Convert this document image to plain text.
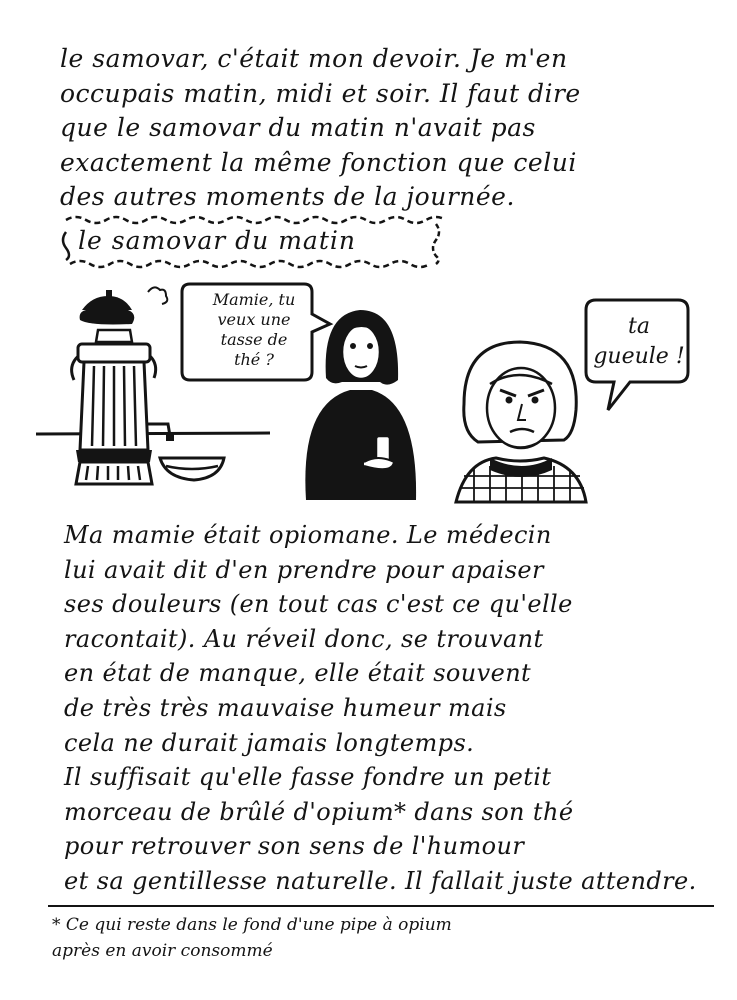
le samovar, c'était mon devoir. Je m'en
occupais matin, midi et soir. Il faut dire
que le samovar du matin n'avait pas
exactement la même fonction que celui
des autres moments de la journée.
le samovar du matin
Mamie, tu
veux une
tasse de
thé ?
ta
gueule !
Ma mamie était opiomane. Le médecin
lui avait dit d'en prendre pour apaiser
ses douleurs (en tout cas c'est ce qu'elle
racontait). Au réveil donc, se trouvant
en état de manque, elle était souvent
de très très mauvaise humeur mais
cela ne durait jamais longtemps.
Il suffisait qu'elle fasse fondre un petit
morceau de brûlé d'opium* dans son thé
pour retrouver son sens de l'humour
et sa gentillesse naturelle. Il fallait juste attendre.
* Ce qui reste dans le fond d'une pipe à opium
après en avoir consommé
